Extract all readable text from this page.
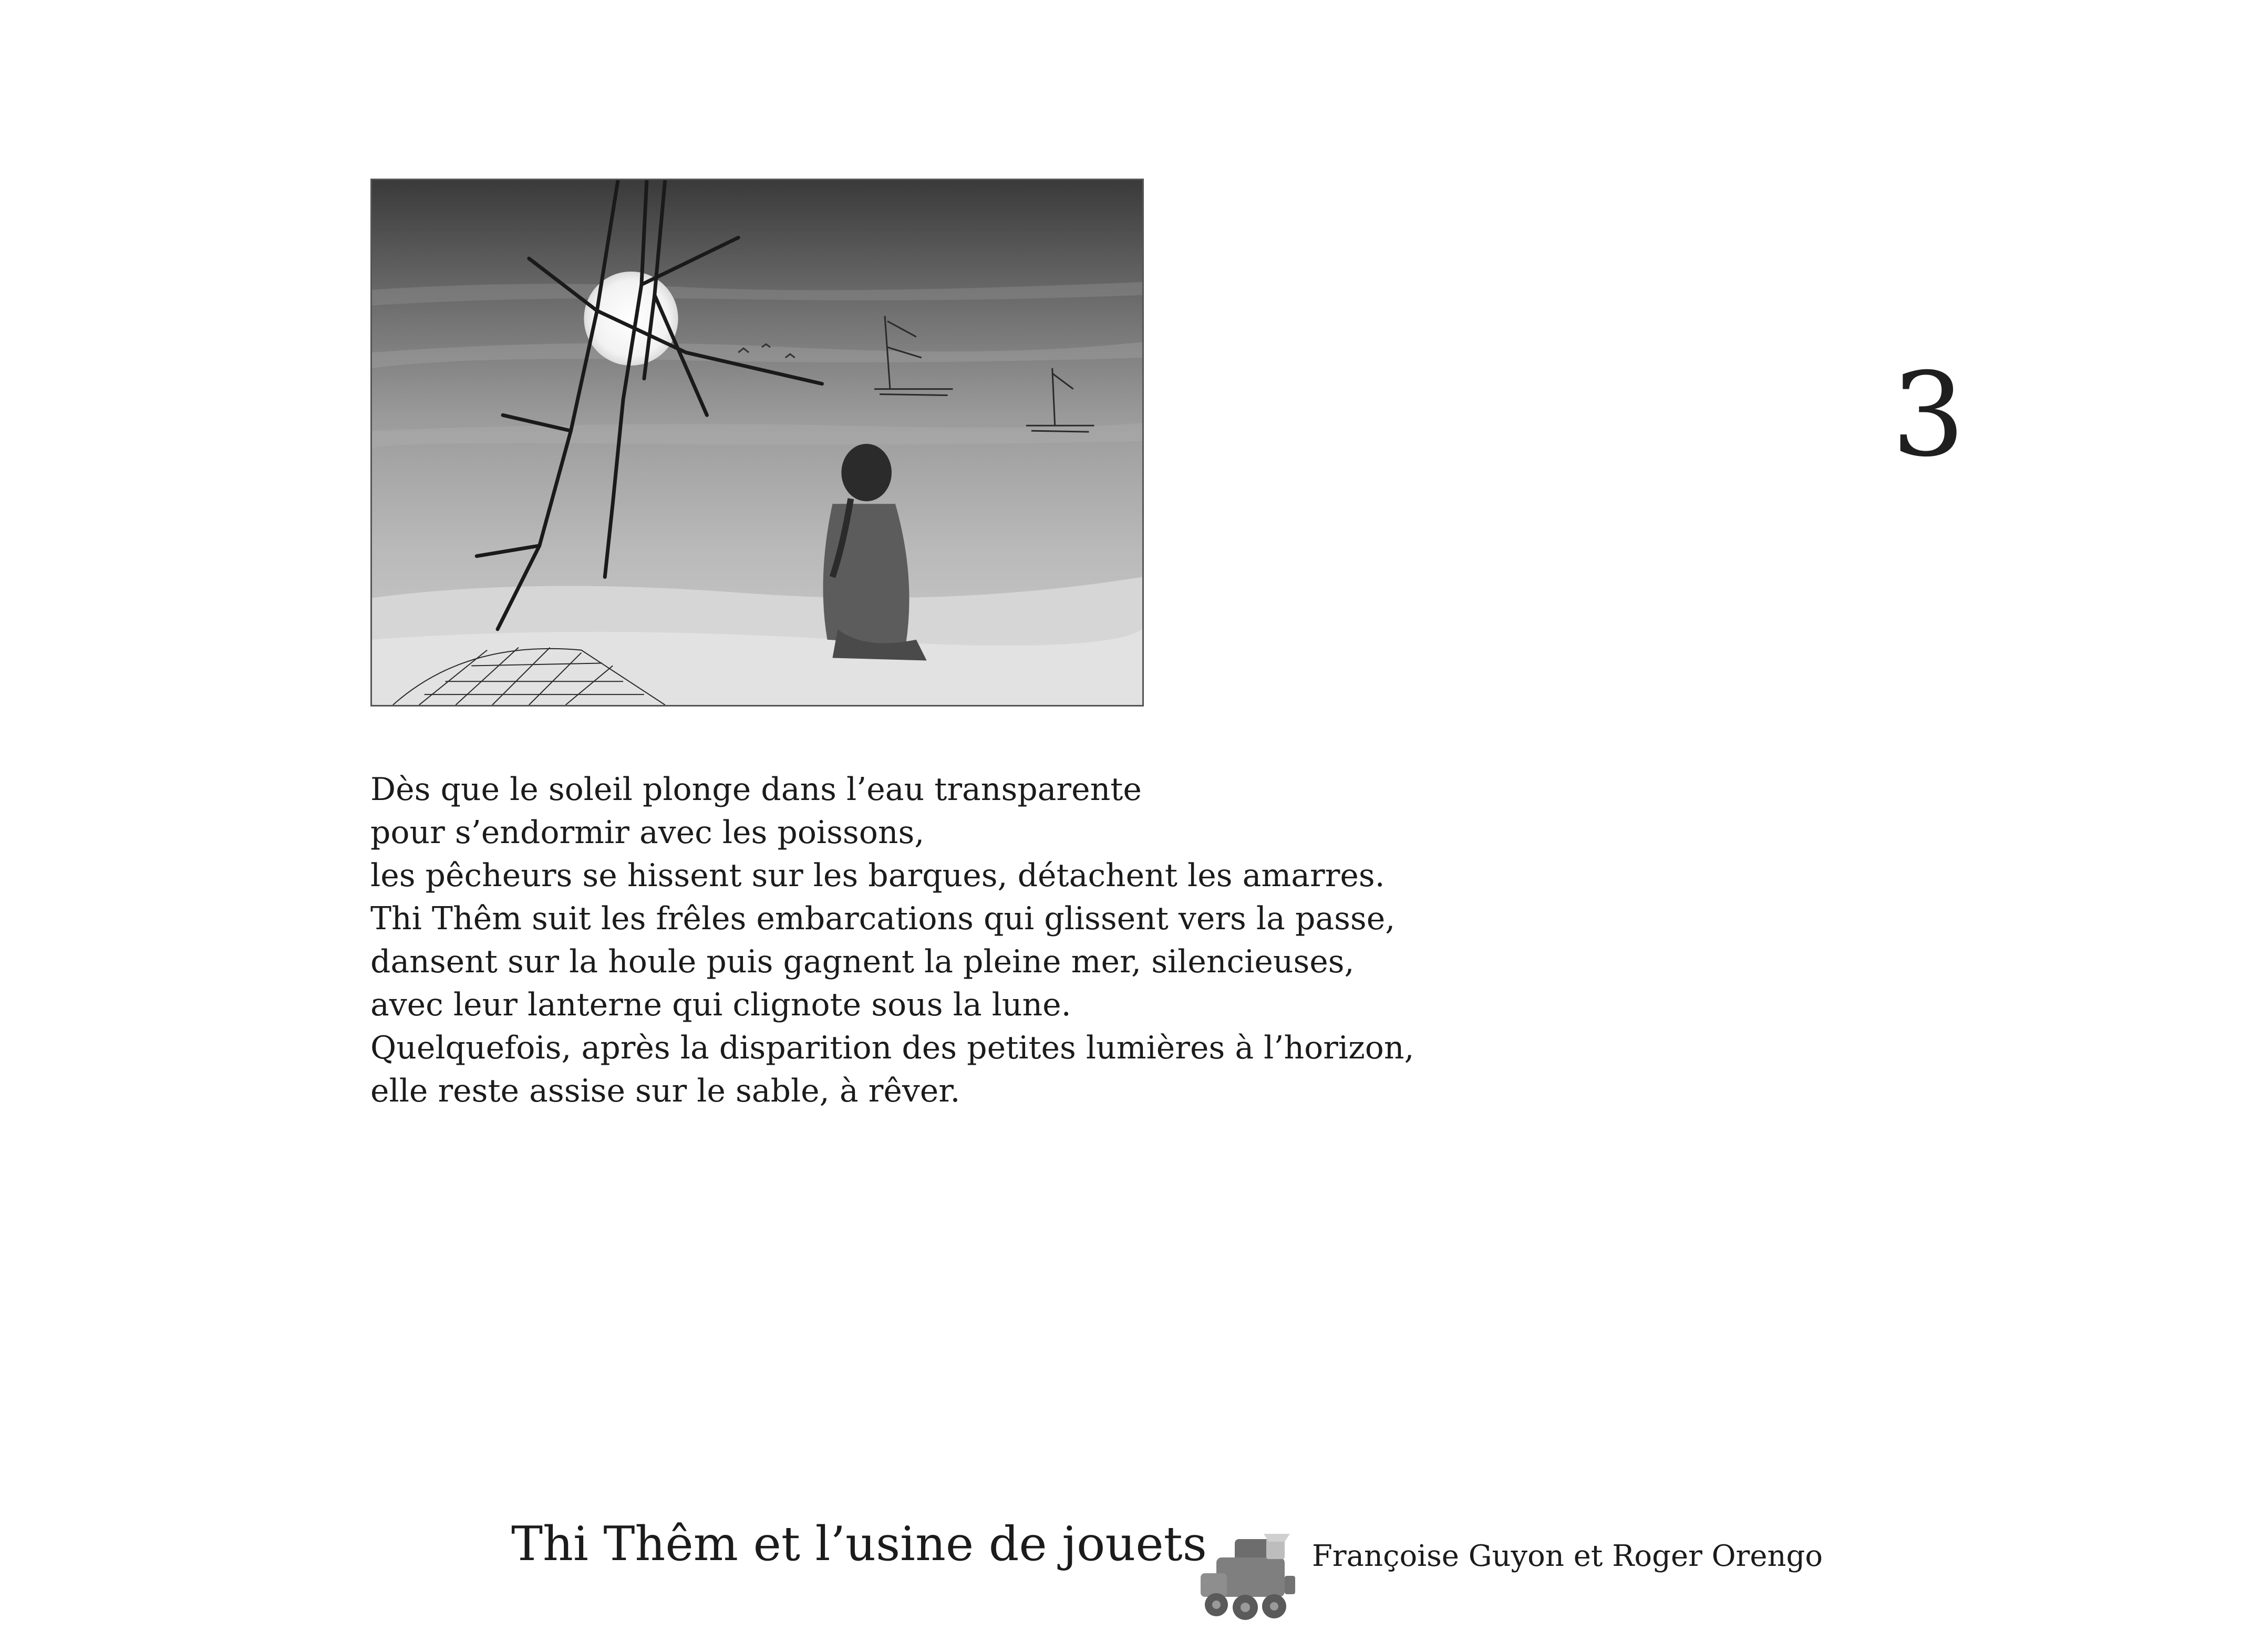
3
Dès que le soleil plonge dans l’eau transparente
pour s’endormir avec les poissons,
les pêcheurs se hissent sur les barques, détachent les amarres.
Thi Thêm suit les frêles embarcations qui glissent vers la passe,
dansent sur la houle puis gagnent la pleine mer, silencieuses,
avec leur lanterne qui clignote sous la lune.
Quelquefois, après la disparition des petites lumières à l’horizon,
elle reste assise sur le sable, à rêver.
Thi Thêm et l’usine de jouets	Françoise Guyon et Roger Orengo
